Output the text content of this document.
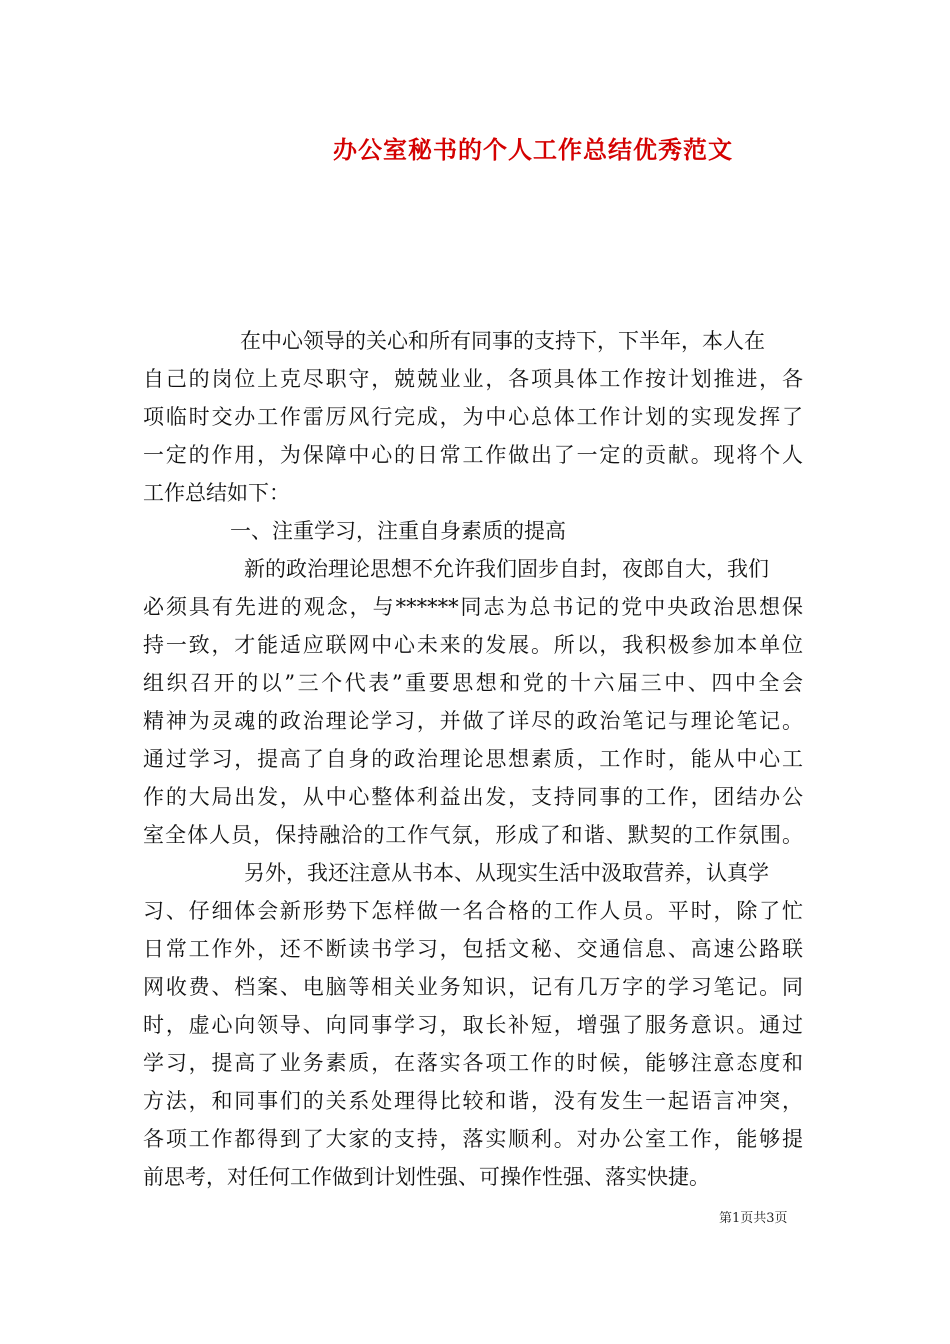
办公室秘书的个人工作总结优秀范文

在中心领导的关心和所有同事的支持下，下半年，本人在

自己的岗位上克尽职守，兢兢业业，各项具体工作按计划推进，各

项临时交办工作雷厉风行完成，为中心总体工作计划的实现发挥了

一定的作用，为保障中心的日常工作做出了一定的贡献。现将个人

工作总结如下：

一、注重学习，注重自身素质的提高

新的政治理论思想不允许我们固步自封，夜郎自大，我们

必须具有先进的观念，与******同志为总书记的党中央政治思想保

持一致，才能适应联网中心未来的发展。所以，我积极参加本单位

组织召开的以”三个代表”重要思想和党的十六届三中、四中全会

精神为灵魂的政治理论学习，并做了详尽的政治笔记与理论笔记。

通过学习，提高了自身的政治理论思想素质，工作时，能从中心工

作的大局出发，从中心整体利益出发，支持同事的工作，团结办公

室全体人员，保持融洽的工作气氛，形成了和谐、默契的工作氛围。

另外，我还注意从书本、从现实生活中汲取营养，认真学

习、仔细体会新形势下怎样做一名合格的工作人员。平时，除了忙

日常工作外，还不断读书学习，包括文秘、交通信息、高速公路联

网收费、档案、电脑等相关业务知识，记有几万字的学习笔记。同

时，虚心向领导、向同事学习，取长补短，增强了服务意识。通过

学习，提高了业务素质，在落实各项工作的时候，能够注意态度和

方法，和同事们的关系处理得比较和谐，没有发生一起语言冲突，

各项工作都得到了大家的支持，落实顺利。对办公室工作，能够提

前思考，对任何工作做到计划性强、可操作性强、落实快捷。

第1页共3页
